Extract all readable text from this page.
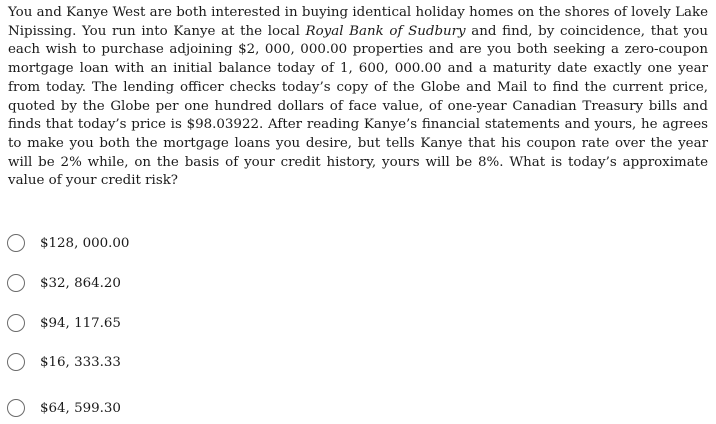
You and Kanye West are both interested in buying identical holiday homes on the shores of lovely Lake Nipissing. You run into Kanye at the local Royal Bank of Sudbury and find, by coincidence, that you each wish to purchase adjoining $2, 000, 000.00 properties and are you both seeking a zero-coupon mortgage loan with an initial balance today of 1, 600, 000.00 and a maturity date exactly one year from today. The lending officer checks today’s copy of the Globe and Mail to find the current price, quoted by the Globe per one hundred dollars of face value, of one-year Canadian Treasury bills and finds that today’s price is $98.03922. After reading Kanye’s financial statements and yours, he agrees to make you both the mortgage loans you desire, but tells Kanye that his coupon rate over the year will be 2% while, on the basis of your credit history, yours will be 8%. What is today’s approximate value of your credit risk?

$128, 000.00
$32, 864.20
$94, 117.65
$16, 333.33
$64, 599.30
